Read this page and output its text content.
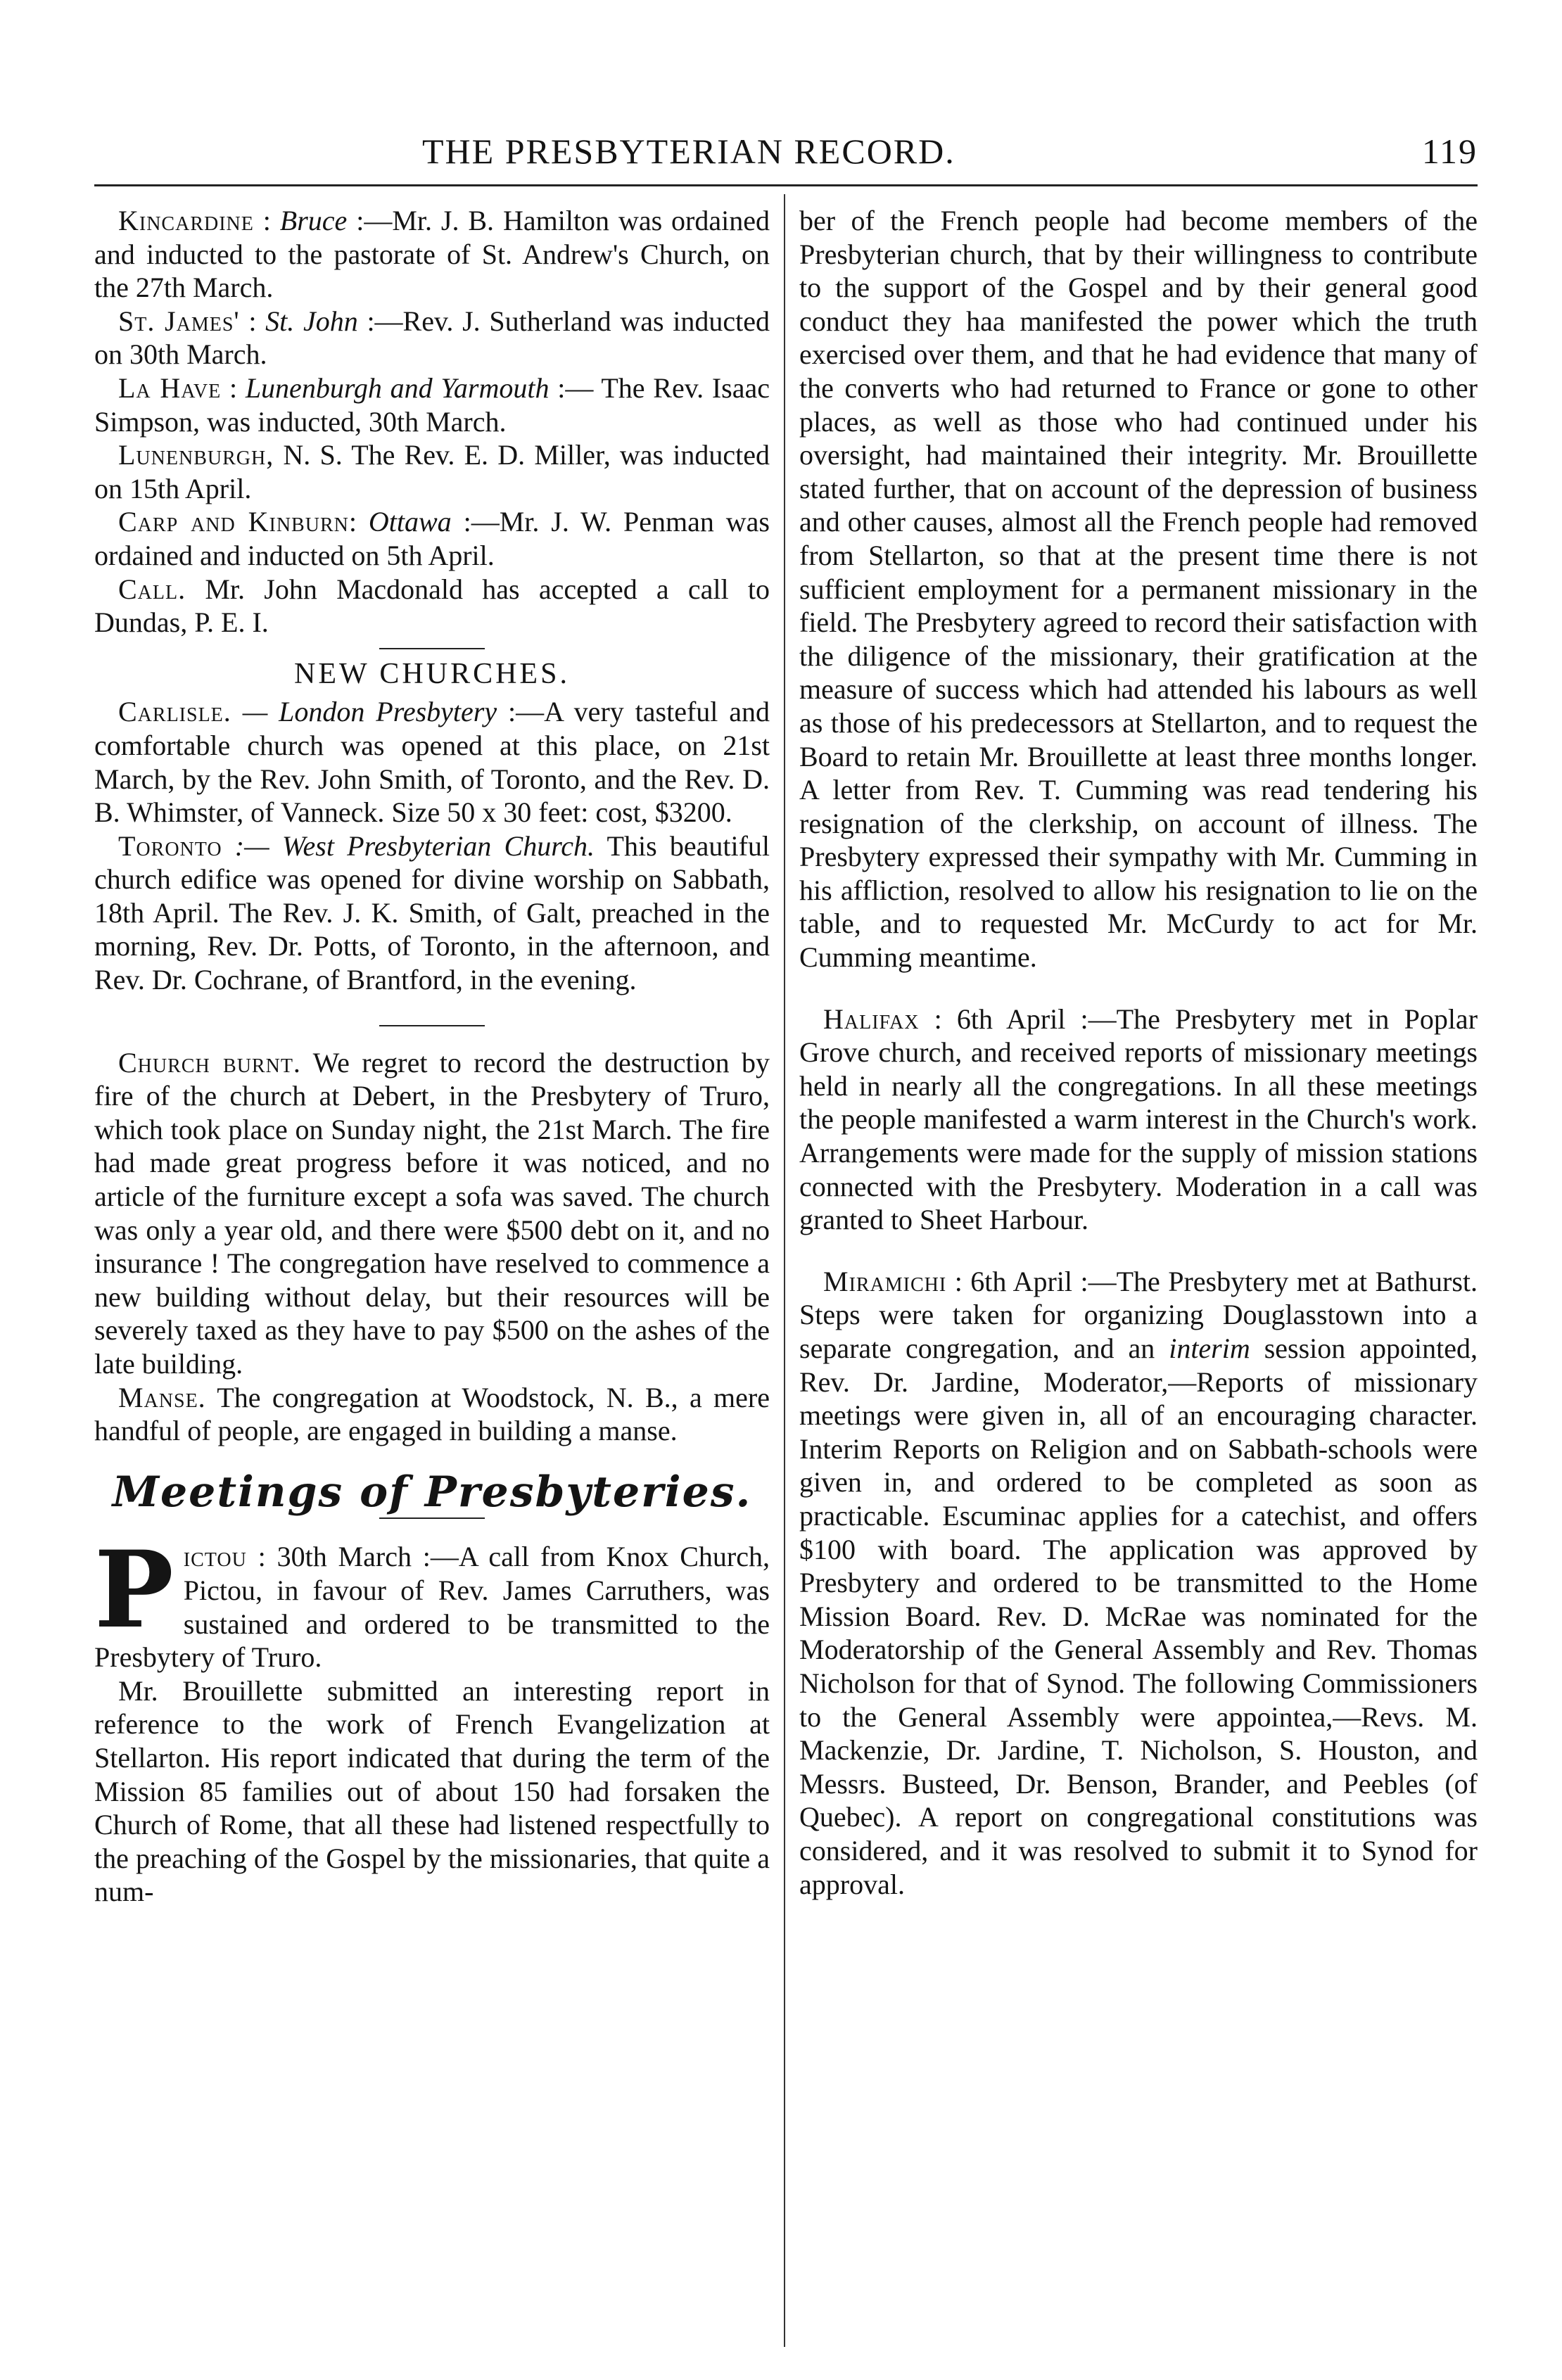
THE PRESBYTERIAN RECORD.	119

Kincardine : Bruce :—Mr. J. B. Hamilton was ordained and inducted to the pastorate of St. Andrew's Church, on the 27th March.

St. James' : St. John :—Rev. J. Sutherland was inducted on 30th March.

La Have : Lunenburgh and Yarmouth :— The Rev. Isaac Simpson, was inducted, 30th March.

Lunenburgh, N. S. The Rev. E. D. Miller, was inducted on 15th April.

Carp and Kinburn: Ottawa :—Mr. J. W. Penman was ordained and inducted on 5th April.

Call. Mr. John Macdonald has accepted a call to Dundas, P. E. I.

NEW CHURCHES.

Carlisle. — London Presbytery :—A very tasteful and comfortable church was opened at this place, on 21st March, by the Rev. John Smith, of Toronto, and the Rev. D. B. Whimster, of Vanneck. Size 50 x 30 feet: cost, $3200.

Toronto :— West Presbyterian Church. This beautiful church edifice was opened for divine worship on Sabbath, 18th April. The Rev. J. K. Smith, of Galt, preached in the morning, Rev. Dr. Potts, of Toronto, in the afternoon, and Rev. Dr. Cochrane, of Brantford, in the evening.

Church burnt. We regret to record the destruction by fire of the church at Debert, in the Presbytery of Truro, which took place on Sunday night, the 21st March. The fire had made great progress before it was noticed, and no article of the furniture except a sofa was saved. The church was only a year old, and there were $500 debt on it, and no insurance ! The congregation have reselved to commence a new building without delay, but their resources will be severely taxed as they have to pay $500 on the ashes of the late building.

Manse. The congregation at Woodstock, N. B., a mere handful of people, are engaged in building a manse.

Meetings of Presbyteries.

Pictou : 30th March :—A call from Knox Church, Pictou, in favour of Rev. James Carruthers, was sustained and ordered to be transmitted to the Presbytery of Truro.

Mr. Brouillette submitted an interesting report in reference to the work of French Evangelization at Stellarton. His report indicated that during the term of the Mission 85 families out of about 150 had forsaken the Church of Rome, that all these had listened respectfully to the preaching of the Gospel by the missionaries, that quite a num-

ber of the French people had become members of the Presbyterian church, that by their willingness to contribute to the support of the Gospel and by their general good conduct they haa manifested the power which the truth exercised over them, and that he had evidence that many of the converts who had returned to France or gone to other places, as well as those who had continued under his oversight, had maintained their integrity. Mr. Brouillette stated further, that on account of the depression of business and other causes, almost all the French people had removed from Stellarton, so that at the present time there is not sufficient employment for a permanent missionary in the field. The Presbytery agreed to record their satisfaction with the diligence of the missionary, their gratification at the measure of success which had attended his labours as well as those of his predecessors at Stellarton, and to request the Board to retain Mr. Brouillette at least three months longer. A letter from Rev. T. Cumming was read tendering his resignation of the clerkship, on account of illness. The Presbytery expressed their sympathy with Mr. Cumming in his affliction, resolved to allow his resignation to lie on the table, and to requested Mr. McCurdy to act for Mr. Cumming meantime.

Halifax : 6th April :—The Presbytery met in Poplar Grove church, and received reports of missionary meetings held in nearly all the congregations. In all these meetings the people manifested a warm interest in the Church's work. Arrangements were made for the supply of mission stations connected with the Presbytery. Moderation in a call was granted to Sheet Harbour.

Miramichi : 6th April :—The Presbytery met at Bathurst. Steps were taken for organizing Douglasstown into a separate congregation, and an interim session appointed, Rev. Dr. Jardine, Moderator,—Reports of missionary meetings were given in, all of an encouraging character. Interim Reports on Religion and on Sabbath-schools were given in, and ordered to be completed as soon as practicable. Escuminac applies for a catechist, and offers $100 with board. The application was approved by Presbytery and ordered to be transmitted to the Home Mission Board. Rev. D. McRae was nominated for the Moderatorship of the General Assembly and Rev. Thomas Nicholson for that of Synod. The following Commissioners to the General Assembly were appointea,—Revs. M. Mackenzie, Dr. Jardine, T. Nicholson, S. Houston, and Messrs. Busteed, Dr. Benson, Brander, and Peebles (of Quebec). A report on congregational constitutions was considered, and it was resolved to submit it to Synod for approval.
